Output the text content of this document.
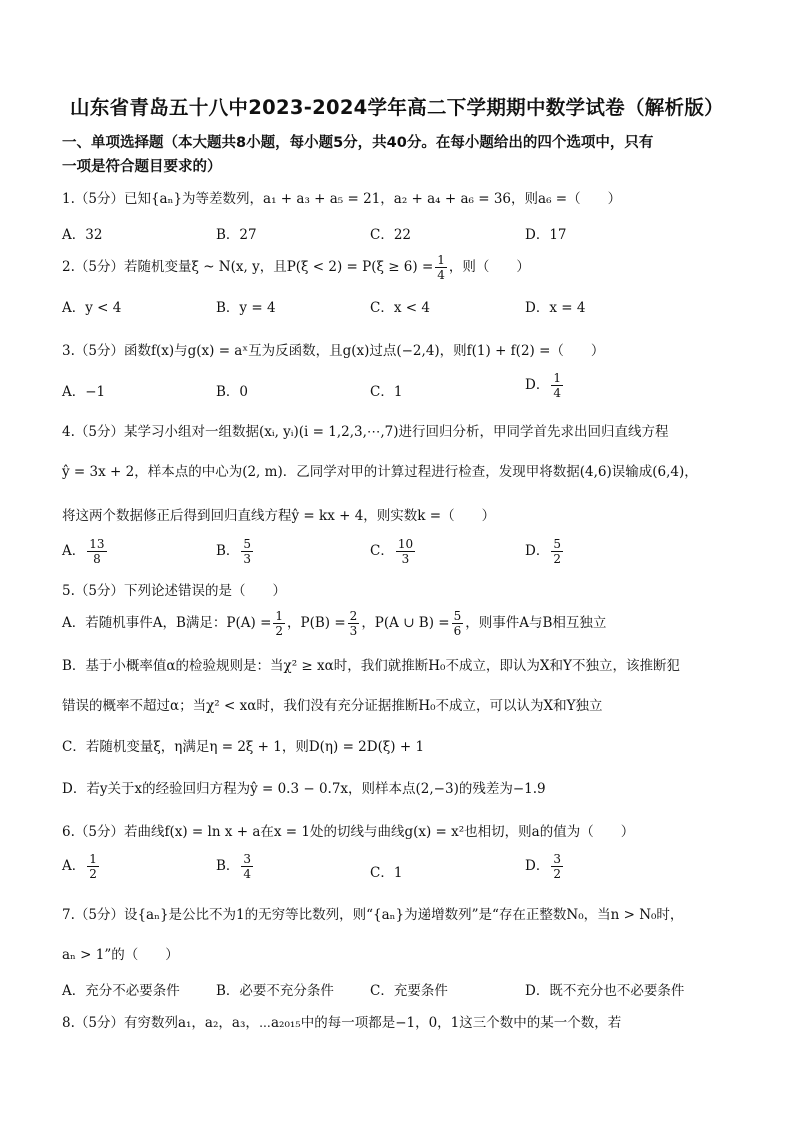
山东省青岛五十八中2023-2024学年高二下学期期中数学试卷（解析版）
一、单项选择题（本大题共8小题，每小题5分，共40分。在每小题给出的四个选项中，只有
一项是符合题目要求的）
1.（5分）已知{aₙ}为等差数列，a₁ + a₃ + a₅ = 21，a₂ + a₄ + a₆ = 36，则a₆ =（　　）
A．32	B．27	C．22	D．17
2.（5分）若随机变量ξ ~ N(x, y，且$P(\xi < 2) = P(\xi \ge 6) = \frac{1}{4}$ ，则（　　）
A．y < 4	B．y = 4	C．x < 4	D．x = 4
3.（5分）函数f(x)与g(x) = aˣ互为反函数，且g(x)过点(−2,4)，则f(1) + f(2) =（　　）
A．−1	B．0	C．1	D． $\frac{1}{4}$
4.（5分）某学习小组对一组数据(xᵢ, yᵢ)(i = 1,2,3,⋯,7)进行回归分析，甲同学首先求出回归直线方程
ŷ = 3x + 2，样本点的中心为(2, m)．乙同学对甲的计算过程进行检查，发现甲将数据(4,6)误输成(6,4)，
将这两个数据修正后得到回归直线方程ŷ = kx + 4，则实数k =（　　）
A． $\frac{13}{8}$	B． $\frac{5}{3}$	C． $\frac{10}{3}$	D． $\frac{5}{2}$
5.（5分）下列论述错误的是（　　）
A．若随机事件A，B满足：$P(A) = \frac{1}{2}$ ，$P(B) = \frac{2}{3}$ ，P(A ∪ $B) = \frac{5}{6}$ ，则事件A与B相互独立
B．基于小概率值α的检验规则是：当χ² ≥ xα时，我们就推断H₀不成立，即认为X和Y不独立，该推断犯
错误的概率不超过α；当χ² < xα时，我们没有充分证据推断H₀不成立，可以认为X和Y独立
C．若随机变量ξ，η满足η = 2ξ + 1，则D(η) = 2D(ξ) + 1
D．若y关于x的经验回归方程为ŷ = 0.3 − 0.7x，则样本点(2,−3)的残差为−1.9
6.（5分）若曲线f(x) = ln x + a在x = 1处的切线与曲线g(x) = x²也相切，则a的值为（　　）
A． $\frac{1}{2}$	B． $\frac{3}{4}$	C．1	D． $\frac{3}{2}$
7.（5分）设{aₙ}是公比不为1的无穷等比数列，则“{aₙ}为递增数列”是“存在正整数N₀，当n > N₀时，
aₙ > 1”的（　　）
A．充分不必要条件	B．必要不充分条件	C．充要条件	D．既不充分也不必要条件
8.（5分）有穷数列a₁，a₂，a₃，⋯a₂₀₁₅中的每一项都是−1，0，1这三个数中的某一个数，若
